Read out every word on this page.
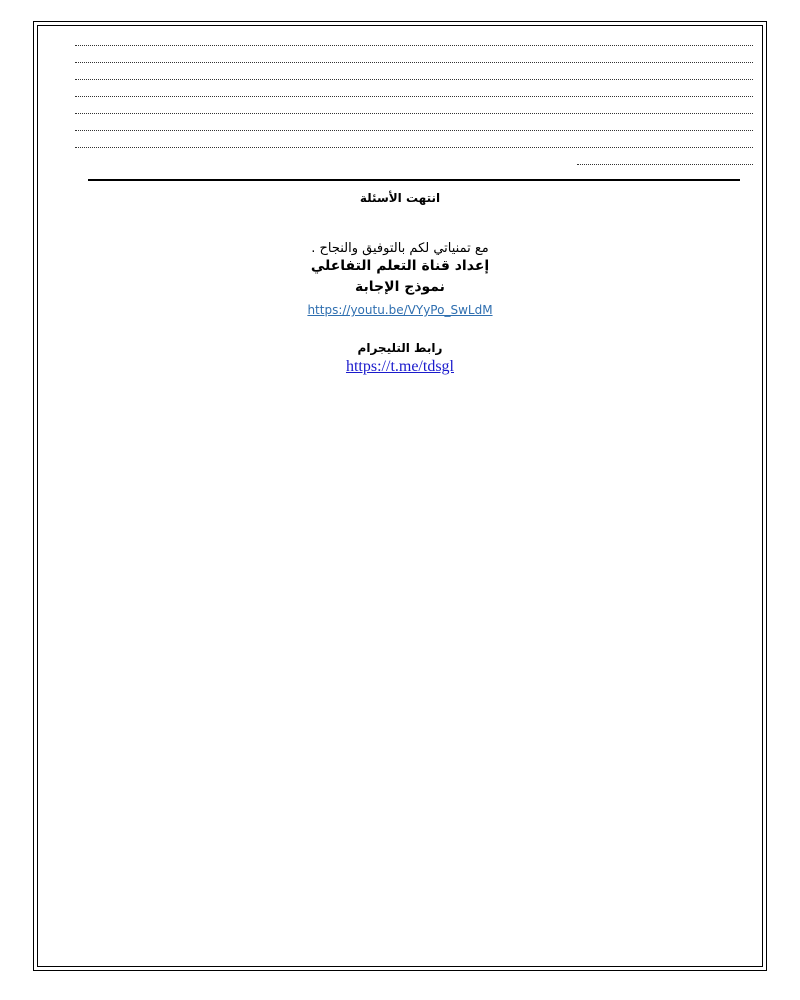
انتهت الأسئلة
مع تمنياتي لكم بالتوفيق والنجاح .
إعداد قناة التعلم التفاعلي
نموذج الإجابة
https://youtu.be/VYyPo_SwLdM
رابط التليجرام
https://t.me/tdsgl
